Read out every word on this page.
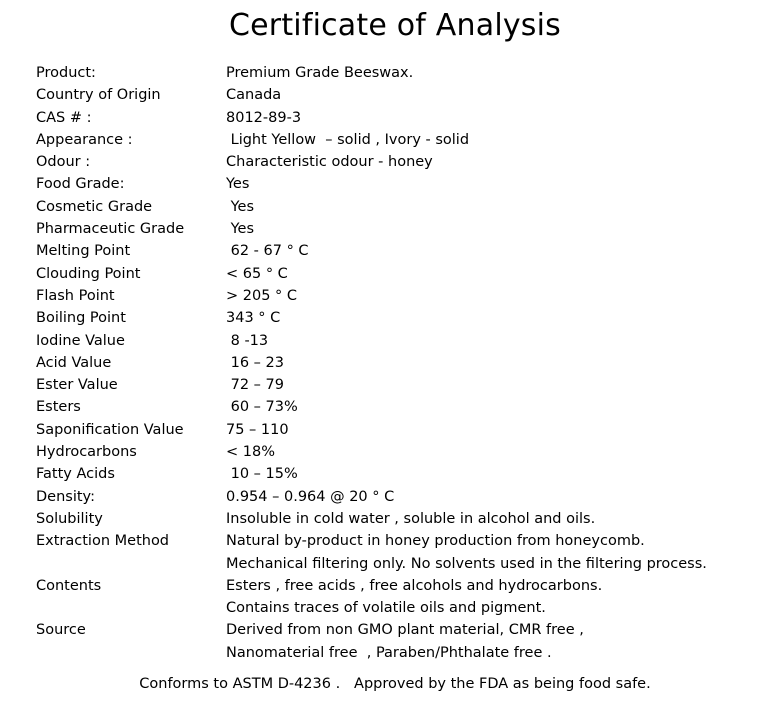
Certificate of Analysis
Product:	Premium Grade Beeswax.
Country of Origin	Canada
CAS # :	8012-89-3
Appearance :	Light Yellow  – solid , Ivory - solid
Odour :	Characteristic odour - honey
Food Grade:	Yes
Cosmetic Grade	Yes
Pharmaceutic Grade	Yes
Melting Point	62 - 67 ° C
Clouding Point	< 65 ° C
Flash Point	> 205 ° C
Boiling Point	343 ° C
Iodine Value	8 -13
Acid Value	16 – 23
Ester Value	72 – 79
Esters	60 – 73%
Saponification Value	75 – 110
Hydrocarbons	< 18%
Fatty Acids	10 – 15%
Density:	0.954 – 0.964 @ 20 ° C
Solubility	Insoluble in cold water , soluble in alcohol and oils.
Extraction Method	Natural by-product in honey production from honeycomb.
Mechanical filtering only. No solvents used in the filtering process.
Contents	Esters , free acids , free alcohols and hydrocarbons.
Contains traces of volatile oils and pigment.
Source	Derived from non GMO plant material, CMR free ,
Nanomaterial free  , Paraben/Phthalate free .
Conforms to ASTM D-4236 .   Approved by the FDA as being food safe.
